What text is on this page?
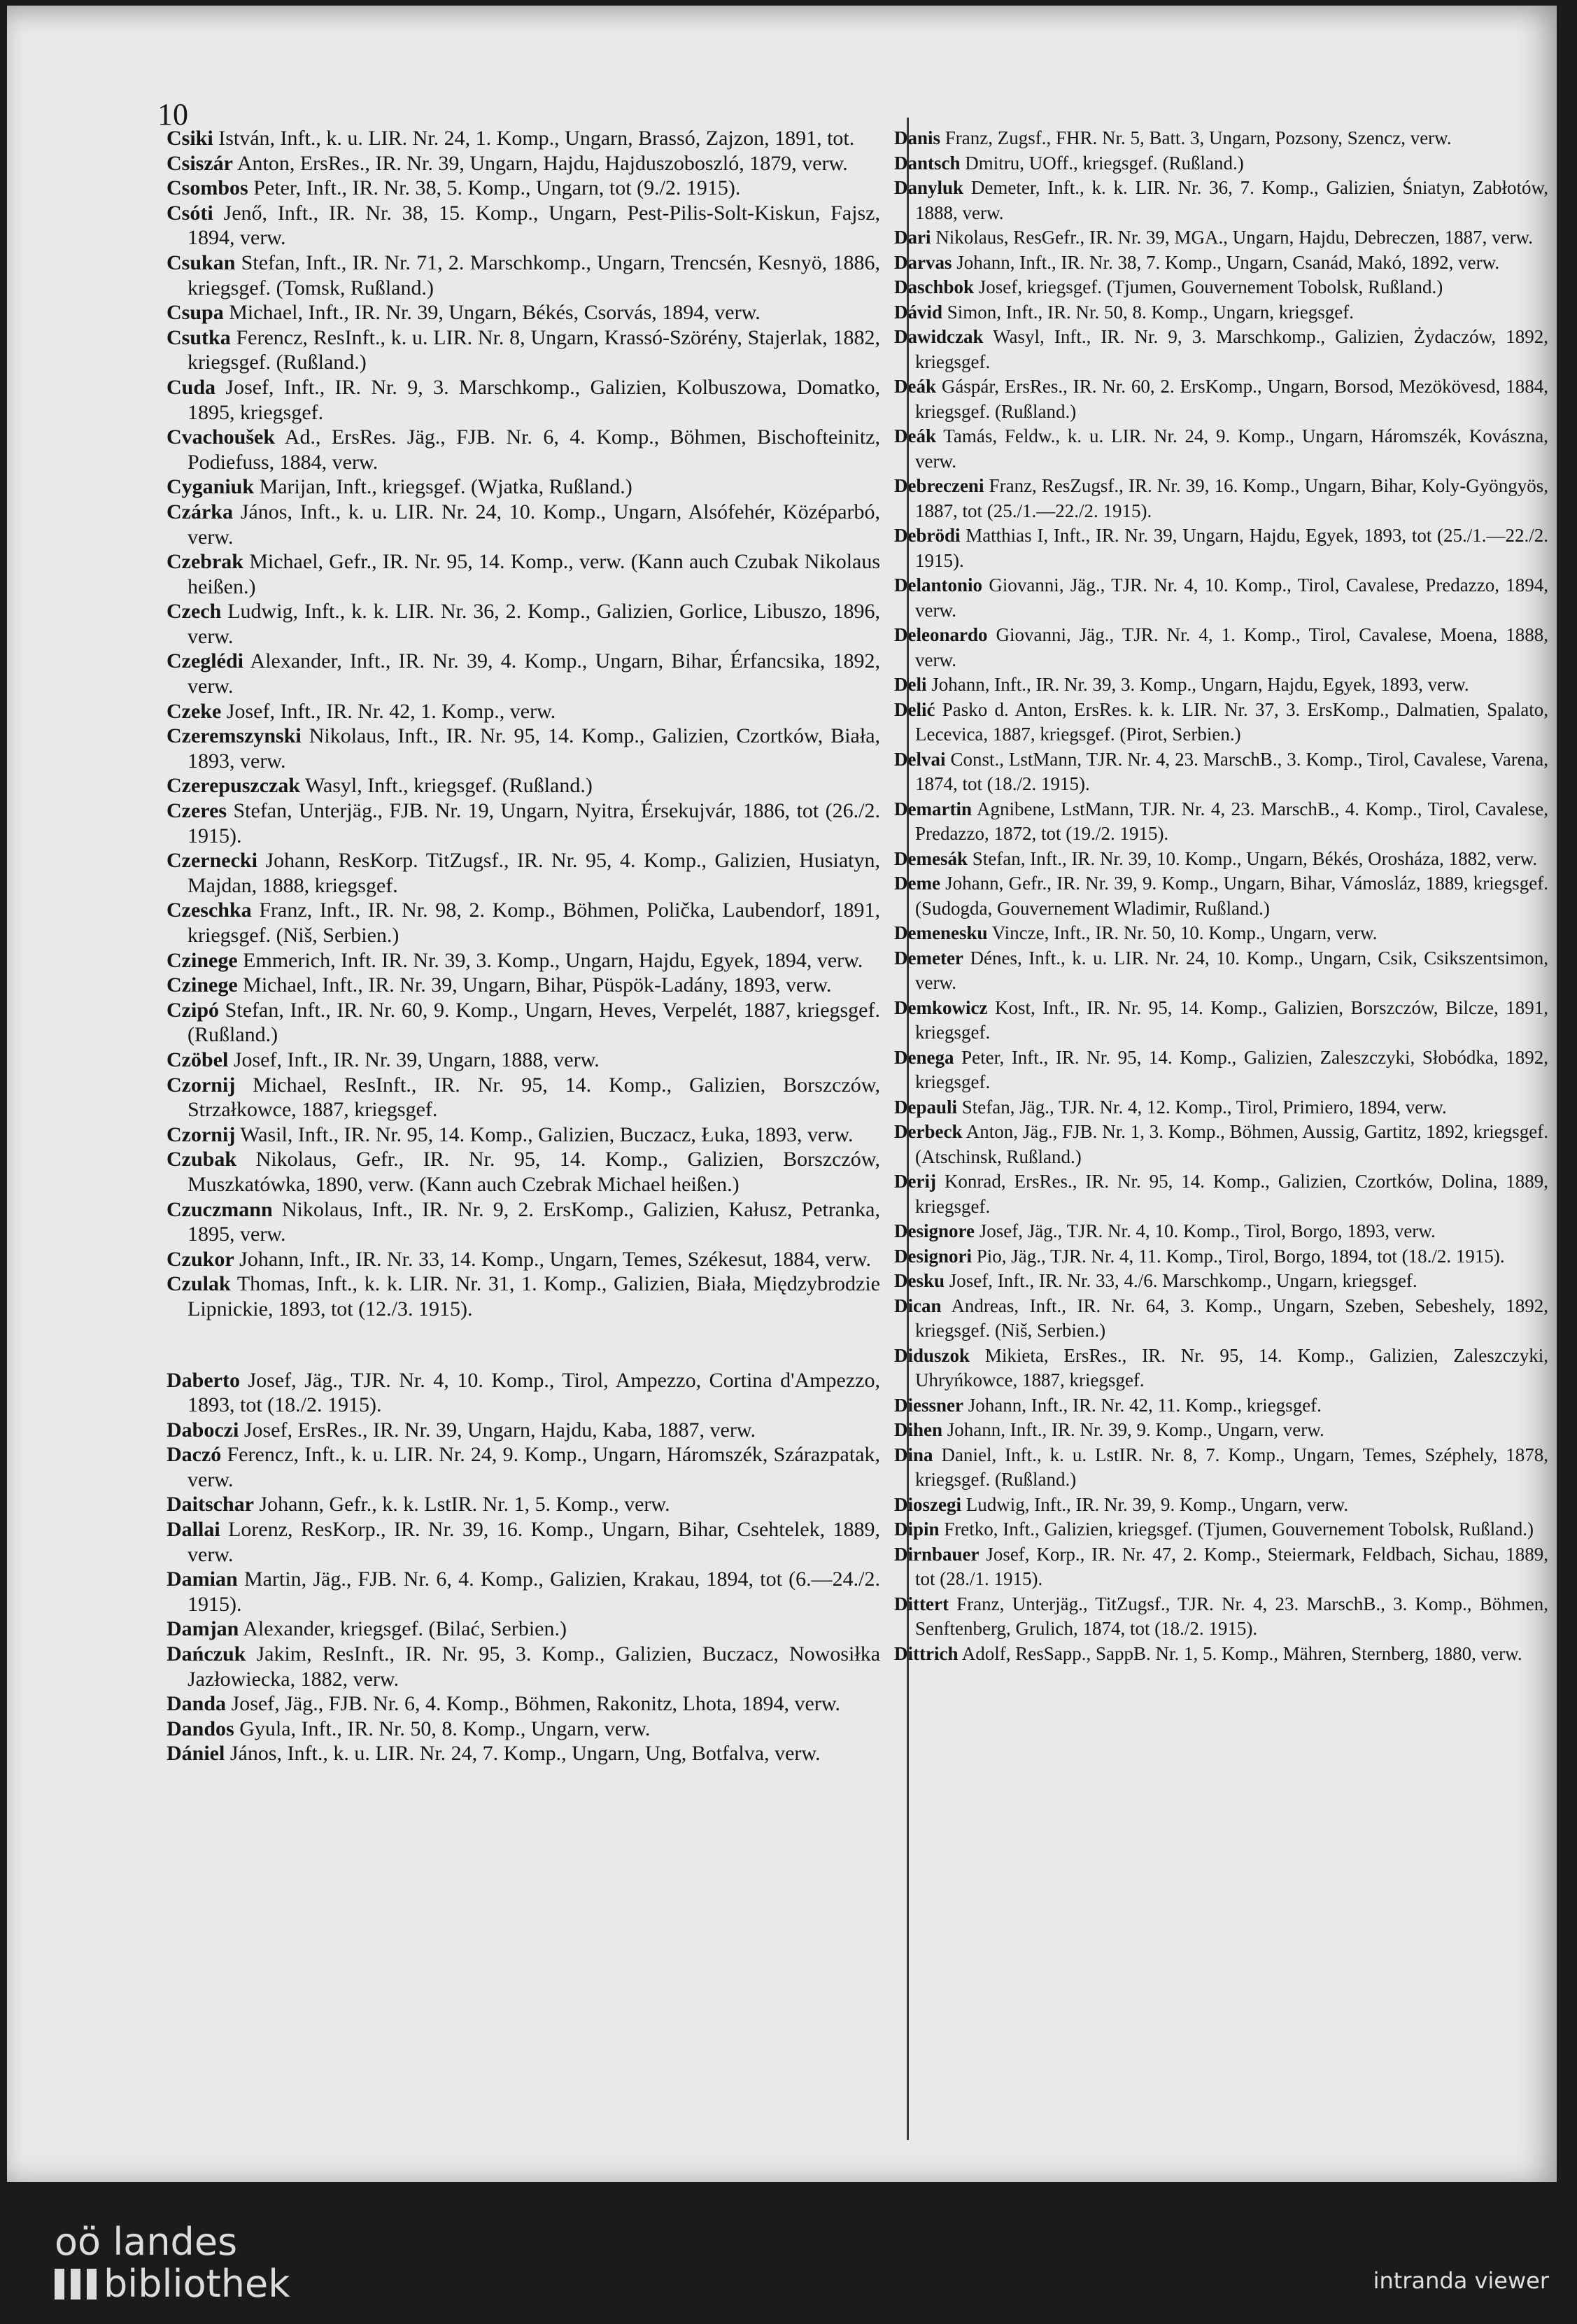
10

Csiki István, Inft., k. u. LIR. Nr. 24, 1. Komp., Ungarn, Brassó, Zajzon, 1891, tot.

Csiszár Anton, ErsRes., IR. Nr. 39, Ungarn, Hajdu, Hajduszoboszló, 1879, verw.

Csombos Peter, Inft., IR. Nr. 38, 5. Komp., Ungarn, tot (9./2. 1915).

Csóti Jenő, Inft., IR. Nr. 38, 15. Komp., Ungarn, Pest-Pilis-Solt-Kiskun, Fajsz, 1894, verw.

Csukan Stefan, Inft., IR. Nr. 71, 2. Marschkomp., Ungarn, Trencsén, Kesnyö, 1886, kriegsgef. (Tomsk, Rußland.)

Csupa Michael, Inft., IR. Nr. 39, Ungarn, Békés, Csorvás, 1894, verw.

Csutka Ferencz, ResInft., k. u. LIR. Nr. 8, Ungarn, Krassó-Szörény, Stajerlak, 1882, kriegsgef. (Rußland.)

Cuda Josef, Inft., IR. Nr. 9, 3. Marschkomp., Galizien, Kolbuszowa, Domatko, 1895, kriegsgef.

Cvachoušek Ad., ErsRes. Jäg., FJB. Nr. 6, 4. Komp., Böhmen, Bischofteinitz, Podiefuss, 1884, verw.

Cyganiuk Marijan, Inft., kriegsgef. (Wjatka, Rußland.)

Czárka János, Inft., k. u. LIR. Nr. 24, 10. Komp., Ungarn, Alsófehér, Középarbó, verw.

Czebrak Michael, Gefr., IR. Nr. 95, 14. Komp., verw. (Kann auch Czubak Nikolaus heißen.)

Czech Ludwig, Inft., k. k. LIR. Nr. 36, 2. Komp., Galizien, Gorlice, Libuszo, 1896, verw.

Czeglédi Alexander, Inft., IR. Nr. 39, 4. Komp., Ungarn, Bihar, Érfancsika, 1892, verw.

Czeke Josef, Inft., IR. Nr. 42, 1. Komp., verw.

Czeremszynski Nikolaus, Inft., IR. Nr. 95, 14. Komp., Galizien, Czortków, Biała, 1893, verw.

Czerepuszczak Wasyl, Inft., kriegsgef. (Rußland.)

Czeres Stefan, Unterjäg., FJB. Nr. 19, Ungarn, Nyitra, Érsekujvár, 1886, tot (26./2. 1915).

Czernecki Johann, ResKorp. TitZugsf., IR. Nr. 95, 4. Komp., Galizien, Husiatyn, Majdan, 1888, kriegsgef.

Czeschka Franz, Inft., IR. Nr. 98, 2. Komp., Böhmen, Polička, Laubendorf, 1891, kriegsgef. (Niš, Serbien.)

Czinege Emmerich, Inft. IR. Nr. 39, 3. Komp., Ungarn, Hajdu, Egyek, 1894, verw.

Czinege Michael, Inft., IR. Nr. 39, Ungarn, Bihar, Püspök-Ladány, 1893, verw.

Czipó Stefan, Inft., IR. Nr. 60, 9. Komp., Ungarn, Heves, Verpelét, 1887, kriegsgef. (Rußland.)

Czöbel Josef, Inft., IR. Nr. 39, Ungarn, 1888, verw.

Czornij Michael, ResInft., IR. Nr. 95, 14. Komp., Galizien, Borszczów, Strzałkowce, 1887, kriegsgef.

Czornij Wasil, Inft., IR. Nr. 95, 14. Komp., Galizien, Buczacz, Łuka, 1893, verw.

Czubak Nikolaus, Gefr., IR. Nr. 95, 14. Komp., Galizien, Borszczów, Muszkatówka, 1890, verw. (Kann auch Czebrak Michael heißen.)

Czuczmann Nikolaus, Inft., IR. Nr. 9, 2. ErsKomp., Galizien, Kałusz, Petranka, 1895, verw.

Czukor Johann, Inft., IR. Nr. 33, 14. Komp., Ungarn, Temes, Székesut, 1884, verw.

Czulak Thomas, Inft., k. k. LIR. Nr. 31, 1. Komp., Galizien, Biała, Międzybrodzie Lipnickie, 1893, tot (12./3. 1915).

Daberto Josef, Jäg., TJR. Nr. 4, 10. Komp., Tirol, Ampezzo, Cortina d'Ampezzo, 1893, tot (18./2. 1915).

Daboczi Josef, ErsRes., IR. Nr. 39, Ungarn, Hajdu, Kaba, 1887, verw.

Daczó Ferencz, Inft., k. u. LIR. Nr. 24, 9. Komp., Ungarn, Háromszék, Szárazpatak, verw.

Daitschar Johann, Gefr., k. k. LstIR. Nr. 1, 5. Komp., verw.

Dallai Lorenz, ResKorp., IR. Nr. 39, 16. Komp., Ungarn, Bihar, Csehtelek, 1889, verw.

Damian Martin, Jäg., FJB. Nr. 6, 4. Komp., Galizien, Krakau, 1894, tot (6.—24./2. 1915).

Damjan Alexander, kriegsgef. (Bilać, Serbien.)

Dańczuk Jakim, ResInft., IR. Nr. 95, 3. Komp., Galizien, Buczacz, Nowosiłka Jazłowiecka, 1882, verw.

Danda Josef, Jäg., FJB. Nr. 6, 4. Komp., Böhmen, Rakonitz, Lhota, 1894, verw.

Dandos Gyula, Inft., IR. Nr. 50, 8. Komp., Ungarn, verw.

Dániel János, Inft., k. u. LIR. Nr. 24, 7. Komp., Ungarn, Ung, Botfalva, verw.

Danis Franz, Zugsf., FHR. Nr. 5, Batt. 3, Ungarn, Pozsony, Szencz, verw.

Dantsch Dmitru, UOff., kriegsgef. (Rußland.)

Danyluk Demeter, Inft., k. k. LIR. Nr. 36, 7. Komp., Galizien, Śniatyn, Zabłotów, 1888, verw.

Dari Nikolaus, ResGefr., IR. Nr. 39, MGA., Ungarn, Hajdu, Debreczen, 1887, verw.

Darvas Johann, Inft., IR. Nr. 38, 7. Komp., Ungarn, Csanád, Makó, 1892, verw.

Daschbok Josef, kriegsgef. (Tjumen, Gouvernement Tobolsk, Rußland.)

Dávid Simon, Inft., IR. Nr. 50, 8. Komp., Ungarn, kriegsgef.

Dawidczak Wasyl, Inft., IR. Nr. 9, 3. Marschkomp., Galizien, Żydaczów, 1892, kriegsgef.

Deák Gáspár, ErsRes., IR. Nr. 60, 2. ErsKomp., Ungarn, Borsod, Mezökövesd, 1884, kriegsgef. (Rußland.)

Deák Tamás, Feldw., k. u. LIR. Nr. 24, 9. Komp., Ungarn, Háromszék, Kovászna, verw.

Debreczeni Franz, ResZugsf., IR. Nr. 39, 16. Komp., Ungarn, Bihar, Koly-Gyöngyös, 1887, tot (25./1.—22./2. 1915).

Debrödi Matthias I, Inft., IR. Nr. 39, Ungarn, Hajdu, Egyek, 1893, tot (25./1.—22./2. 1915).

Delantonio Giovanni, Jäg., TJR. Nr. 4, 10. Komp., Tirol, Cavalese, Predazzo, 1894, verw.

Deleonardo Giovanni, Jäg., TJR. Nr. 4, 1. Komp., Tirol, Cavalese, Moena, 1888, verw.

Deli Johann, Inft., IR. Nr. 39, 3. Komp., Ungarn, Hajdu, Egyek, 1893, verw.

Delić Pasko d. Anton, ErsRes. k. k. LIR. Nr. 37, 3. ErsKomp., Dalmatien, Spalato, Lecevica, 1887, kriegsgef. (Pirot, Serbien.)

Delvai Const., LstMann, TJR. Nr. 4, 23. MarschB., 3. Komp., Tirol, Cavalese, Varena, 1874, tot (18./2. 1915).

Demartin Agnibene, LstMann, TJR. Nr. 4, 23. MarschB., 4. Komp., Tirol, Cavalese, Predazzo, 1872, tot (19./2. 1915).

Demesák Stefan, Inft., IR. Nr. 39, 10. Komp., Ungarn, Békés, Orosháza, 1882, verw.

Deme Johann, Gefr., IR. Nr. 39, 9. Komp., Ungarn, Bihar, Vámosláz, 1889, kriegsgef. (Sudogda, Gouvernement Wladimir, Rußland.)

Demenesku Vincze, Inft., IR. Nr. 50, 10. Komp., Ungarn, verw.

Demeter Dénes, Inft., k. u. LIR. Nr. 24, 10. Komp., Ungarn, Csik, Csikszentsimon, verw.

Demkowicz Kost, Inft., IR. Nr. 95, 14. Komp., Galizien, Borszczów, Bilcze, 1891, kriegsgef.

Denega Peter, Inft., IR. Nr. 95, 14. Komp., Galizien, Zaleszczyki, Słobódka, 1892, kriegsgef.

Depauli Stefan, Jäg., TJR. Nr. 4, 12. Komp., Tirol, Primiero, 1894, verw.

Derbeck Anton, Jäg., FJB. Nr. 1, 3. Komp., Böhmen, Aussig, Gartitz, 1892, kriegsgef. (Atschinsk, Rußland.)

Derij Konrad, ErsRes., IR. Nr. 95, 14. Komp., Galizien, Czortków, Dolina, 1889, kriegsgef.

Designore Josef, Jäg., TJR. Nr. 4, 10. Komp., Tirol, Borgo, 1893, verw.

Designori Pio, Jäg., TJR. Nr. 4, 11. Komp., Tirol, Borgo, 1894, tot (18./2. 1915).

Desku Josef, Inft., IR. Nr. 33, 4./6. Marschkomp., Ungarn, kriegsgef.

Dican Andreas, Inft., IR. Nr. 64, 3. Komp., Ungarn, Szeben, Sebeshely, 1892, kriegsgef. (Niš, Serbien.)

Diduszok Mikieta, ErsRes., IR. Nr. 95, 14. Komp., Galizien, Zaleszczyki, Uhryńkowce, 1887, kriegsgef.

Diessner Johann, Inft., IR. Nr. 42, 11. Komp., kriegsgef.

Dihen Johann, Inft., IR. Nr. 39, 9. Komp., Ungarn, verw.

Dina Daniel, Inft., k. u. LstIR. Nr. 8, 7. Komp., Ungarn, Temes, Széphely, 1878, kriegsgef. (Rußland.)

Dioszegi Ludwig, Inft., IR. Nr. 39, 9. Komp., Ungarn, verw.

Dipin Fretko, Inft., Galizien, kriegsgef. (Tjumen, Gouvernement Tobolsk, Rußland.)

Dirnbauer Josef, Korp., IR. Nr. 47, 2. Komp., Steiermark, Feldbach, Sichau, 1889, tot (28./1. 1915).

Dittert Franz, Unterjäg., TitZugsf., TJR. Nr. 4, 23. MarschB., 3. Komp., Böhmen, Senftenberg, Grulich, 1874, tot (18./2. 1915).

Dittrich Adolf, ResSapp., SappB. Nr. 1, 5. Komp., Mähren, Sternberg, 1880, verw.

oö landes
bibliothek	intranda viewer
